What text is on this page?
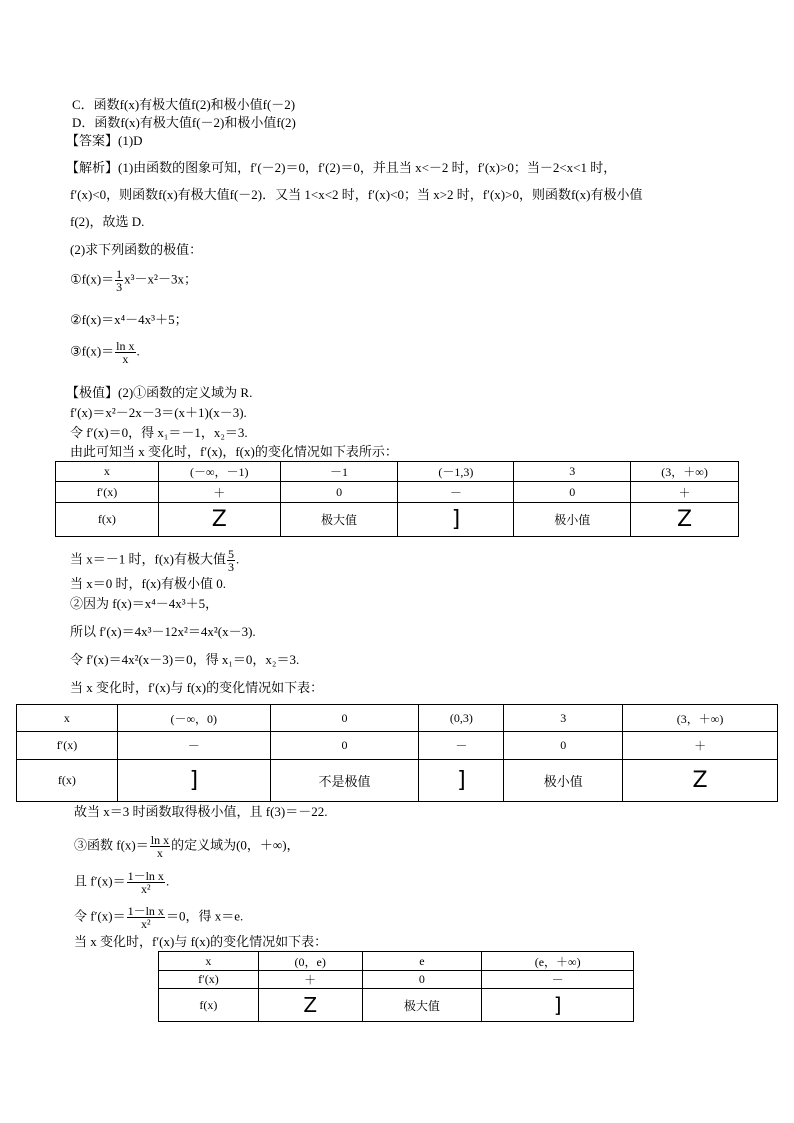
C．函数f(x)有极大值f(2)和极小值f(－2)
D．函数f(x)有极大值f(－2)和极小值f(2)
【答案】(1)D
【解析】(1)由函数的图象可知，f′(－2)＝0，f′(2)＝0，并且当 x<－2 时，f′(x)>0；当－2<x<1 时，
f′(x)<0，则函数f(x)有极大值f(－2)．又当 1<x<2 时，f′(x)<0；当 x>2 时，f′(x)>0，则函数f(x)有极小值
f(2)，故选 D.
(2)求下列函数的极值：
①f(x)＝ $\frac{1}{3} x^3-x^2-3x$；
②f(x)＝x⁴－4x³＋5；
③f(x)＝ $\frac{\text{ln x}}{x}$ .
【极值】(2)①函数的定义域为 R.
f′(x)＝x²－2x－3＝(x＋1)(x－3).
令 f′(x)＝0，得 x₁＝－1，x₂＝3.
由此可知当 x 变化时，f′(x)，f(x)的变化情况如下表所示：
x	(－∞，－1)	－1	(－1,3)	3	(3，＋∞)
f′(x)	＋	0	－	0	＋
f(x)	Z	极大值	]	极小值	Z
当 x＝－1 时，f(x)有极大值 $\frac{5}{3}$ .
当 x＝0 时，f(x)有极小值 0.
②因为 f(x)＝x⁴－4x³＋5，
所以 f′(x)＝4x³－12x²＝4x²(x－3).
令 f′(x)＝4x²(x－3)＝0，得 x₁＝0，x₂＝3.
当 x 变化时，f′(x)与 f(x)的变化情况如下表：
x	(－∞，0)	0	(0,3)	3	(3，＋∞)
f′(x)	－	0	－	0	＋
f(x)	]	不是极值	]	极小值	Z
故当 x＝3 时函数取得极小值，且 f(3)＝－22.
③函数 $f(x)= \frac{\text{ln x}}{x}$ 的定义域为(0，＋∞)，
且 $f'(x)= \frac{\text{1－ln x}}{\text{x²}}$ .
令 $f'(x)= \frac{\text{1－ln x}}{\text{x²}} =0$，得 x＝e.
当 x 变化时，f′(x)与 f(x)的变化情况如下表：
x	(0，e)	e	(e，＋∞)
f′(x)	＋	0	－
f(x)	Z	极大值	]
